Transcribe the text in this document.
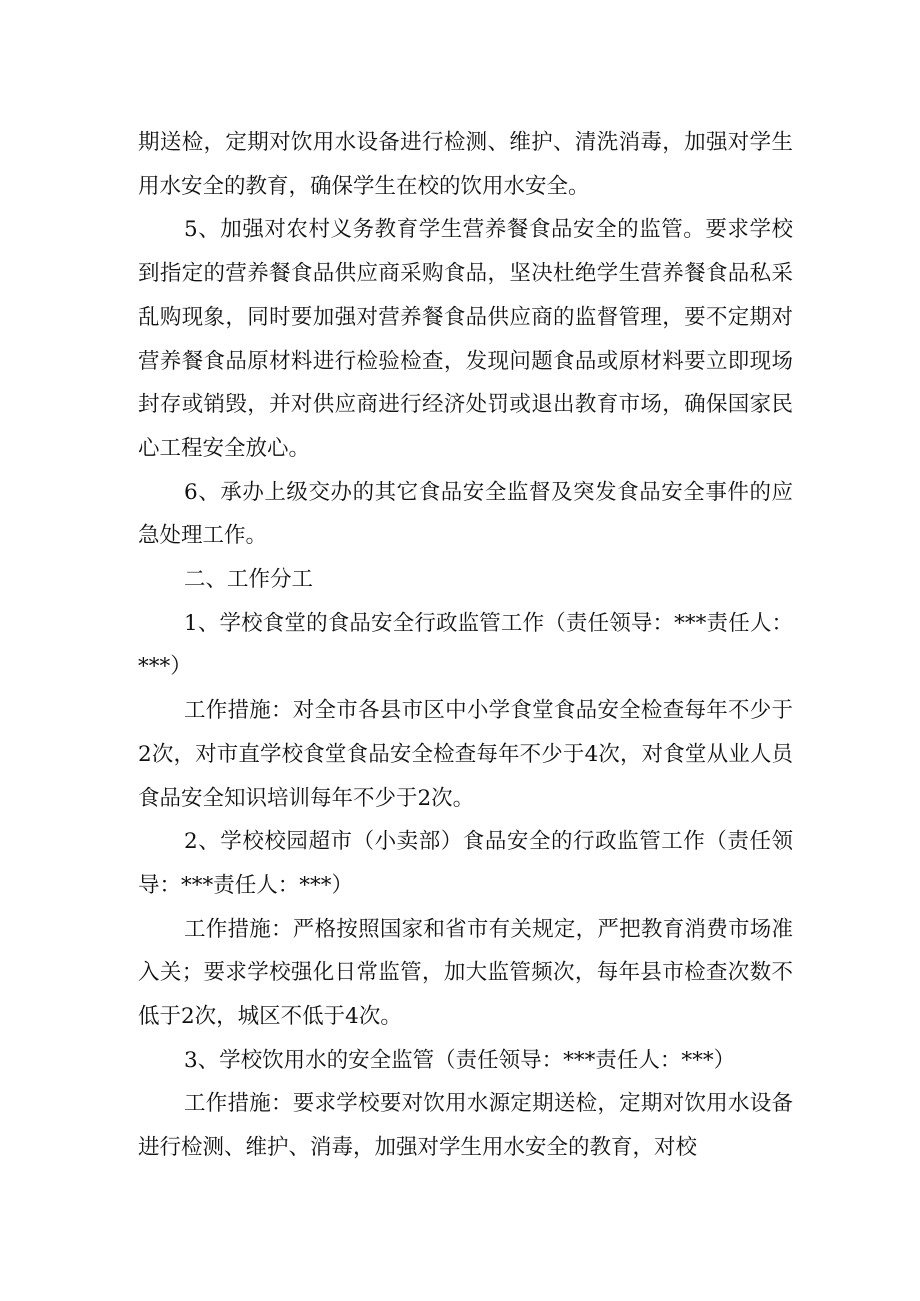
期送检，定期对饮用水设备进行检测、维护、清洗消毒，加强对学生用水安全的教育，确保学生在校的饮用水安全。

5、加强对农村义务教育学生营养餐食品安全的监管。要求学校到指定的营养餐食品供应商采购食品，坚决杜绝学生营养餐食品私采乱购现象，同时要加强对营养餐食品供应商的监督管理，要不定期对营养餐食品原材料进行检验检查，发现问题食品或原材料要立即现场封存或销毁，并对供应商进行经济处罚或退出教育市场，确保国家民心工程安全放心。

6、承办上级交办的其它食品安全监督及突发食品安全事件的应急处理工作。

二、工作分工

1、学校食堂的食品安全行政监管工作（责任领导：***责任人：***）

工作措施：对全市各县市区中小学食堂食品安全检查每年不少于2次，对市直学校食堂食品安全检查每年不少于4次，对食堂从业人员食品安全知识培训每年不少于2次。

2、学校校园超市（小卖部）食品安全的行政监管工作（责任领导：***责任人：***）

工作措施：严格按照国家和省市有关规定，严把教育消费市场准入关；要求学校强化日常监管，加大监管频次，每年县市检查次数不低于2次，城区不低于4次。

3、学校饮用水的安全监管（责任领导：***责任人：***）

工作措施：要求学校要对饮用水源定期送检，定期对饮用水设备进行检测、维护、消毒，加强对学生用水安全的教育，对校
